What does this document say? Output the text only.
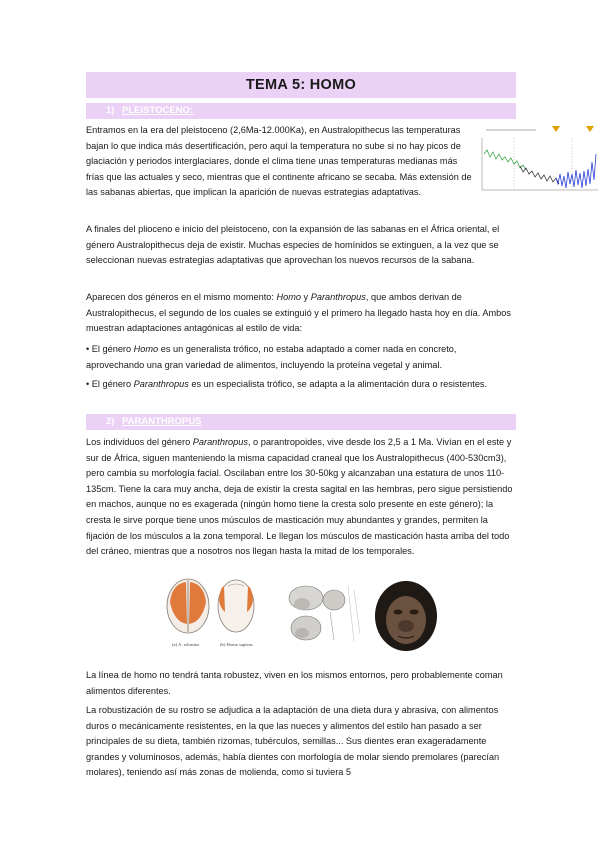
TEMA 5: HOMO
1) PLEISTOCENO:
Entramos en la era del pleistoceno (2,6Ma-12.000Ka), en Australopithecus las temperaturas bajan lo que indica más desertificación, pero aquí la temperatura no sube si no hay picos de glaciación y periodos interglaciares, donde el clima tiene unas temperaturas medianas más frías que las actuales y seco, mientras que el continente africano se secaba. Más extensión de las sabanas abiertas, que implican la aparición de nuevas estrategias adaptativas.
A finales del plioceno e inicio del pleistoceno, con la expansión de las sabanas en el África oriental, el género Australopithecus deja de existir. Muchas especies de homínidos se extinguen, a la vez que se seleccionan nuevas estrategias adaptativas que aprovechan los nuevos recursos de la sabana.
Aparecen dos géneros en el mismo momento: Homo y Paranthropus, que ambos derivan de Australopithecus, el segundo de los cuales se extinguió y el primero ha llegado hasta hoy en día. Ambos muestran adaptaciones antagónicas al estilo de vida:
• El género Homo es un generalista trófico, no estaba adaptado a comer nada en concreto, aprovechando una gran variedad de alimentos, incluyendo la proteína vegetal y animal.
• El género Paranthropus es un especialista trófico, se adapta a la alimentación dura o resistentes.
2) PARANTHROPUS
Los individuos del género Paranthropus, o parantropoides, vive desde los 2,5 a 1 Ma. Vivían en el este y sur de África, siguen manteniendo la misma capacidad craneal que los Australopithecus (400-530cm3), pero cambia su morfología facial. Oscilaban entre los 30-50kg y alcanzaban una estatura de unos 110-135cm. Tiene la cara muy ancha, deja de existir la cresta sagital en las hembras, pero sigue persistiendo en machos, aunque no es exagerada (ningún homo tiene la cresta solo presente en este género); la cresta le sirve porque tiene unos músculos de masticación muy abundantes y grandes, permiten la fijación de los músculos a la zona temporal. Le llegan los músculos de masticación hasta arriba del todo del cráneo, mientras que a nosotros nos llegan hasta la mitad de los temporales.
(a) A. robustus	(b) Homo sapiens
La línea de homo no tendrá tanta robustez, viven en los mismos entornos, pero probablemente coman alimentos diferentes.
La robustización de su rostro se adjudica a la adaptación de una dieta dura y abrasiva, con alimentos duros o mecánicamente resistentes, en la que las nueces y alimentos del estilo han pasado a ser principales de su dieta, también rizomas, tubérculos, semillas... Sus dientes eran exageradamente grandes y voluminosos, además, había dientes con morfología de molar siendo premolares (parecían molares), teniendo así más zonas de molienda, como si tuviera 5
